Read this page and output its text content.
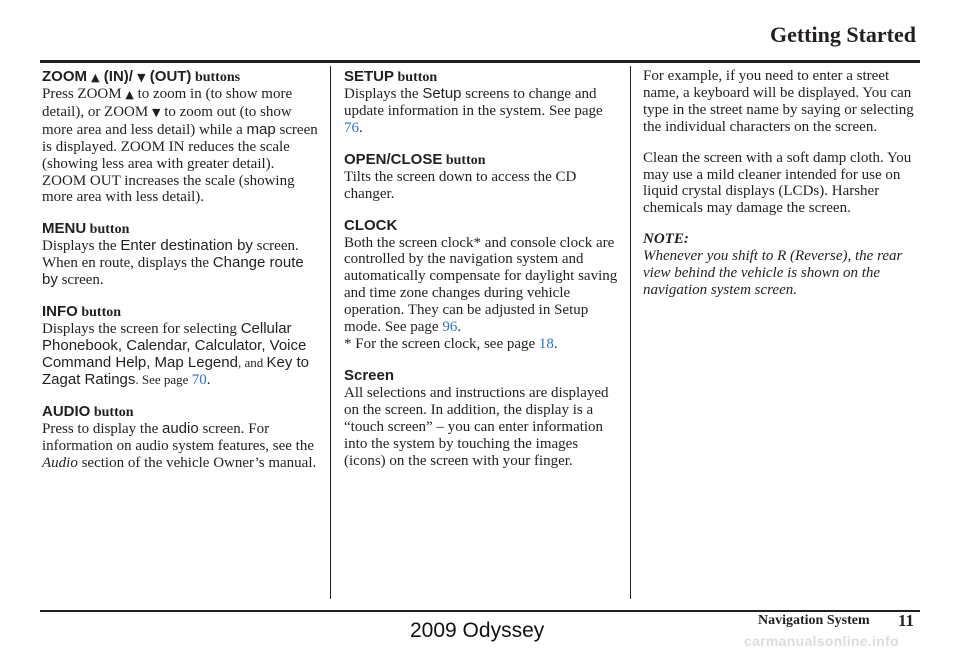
Getting Started
ZOOM ▲ (IN)/ ▼ (OUT) buttons

Press ZOOM ▲ to zoom in (to show more detail), or ZOOM ▼ to zoom out (to show more area and less detail) while a map screen is displayed. ZOOM IN reduces the scale (showing less area with greater detail). ZOOM OUT increases the scale (showing more area with less detail).

MENU button

Displays the Enter destination by screen. When en route, displays the Change route by screen.

INFO button

Displays the screen for selecting Cellular Phonebook, Calendar, Calculator, Voice Command Help, Map Legend, and Key to Zagat Ratings. See page 70.

AUDIO button

Press to display the audio screen. For information on audio system features, see the Audio section of the vehicle Owner’s manual.

SETUP button

Displays the Setup screens to change and update information in the system. See page 76.

OPEN/CLOSE button

Tilts the screen down to access the CD changer.

CLOCK

Both the screen clock* and console clock are controlled by the navigation system and automatically compensate for daylight saving and time zone changes during vehicle operation. They can be adjusted in Setup mode. See page 96.

* For the screen clock, see page 18.

Screen

All selections and instructions are displayed on the screen. In addition, the display is a “touch screen” – you can enter information into the system by touching the images (icons) on the screen with your finger.

For example, if you need to enter a street name, a keyboard will be displayed. You can type in the street name by saying or selecting the individual characters on the screen.

Clean the screen with a soft damp cloth. You may use a mild cleaner intended for use on liquid crystal displays (LCDs). Harsher chemicals may damage the screen.

NOTE:

Whenever you shift to R (Reverse), the rear view behind the vehicle is shown on the navigation system screen.

Navigation System 11
2009 Odyssey	carmanualsonline.info
